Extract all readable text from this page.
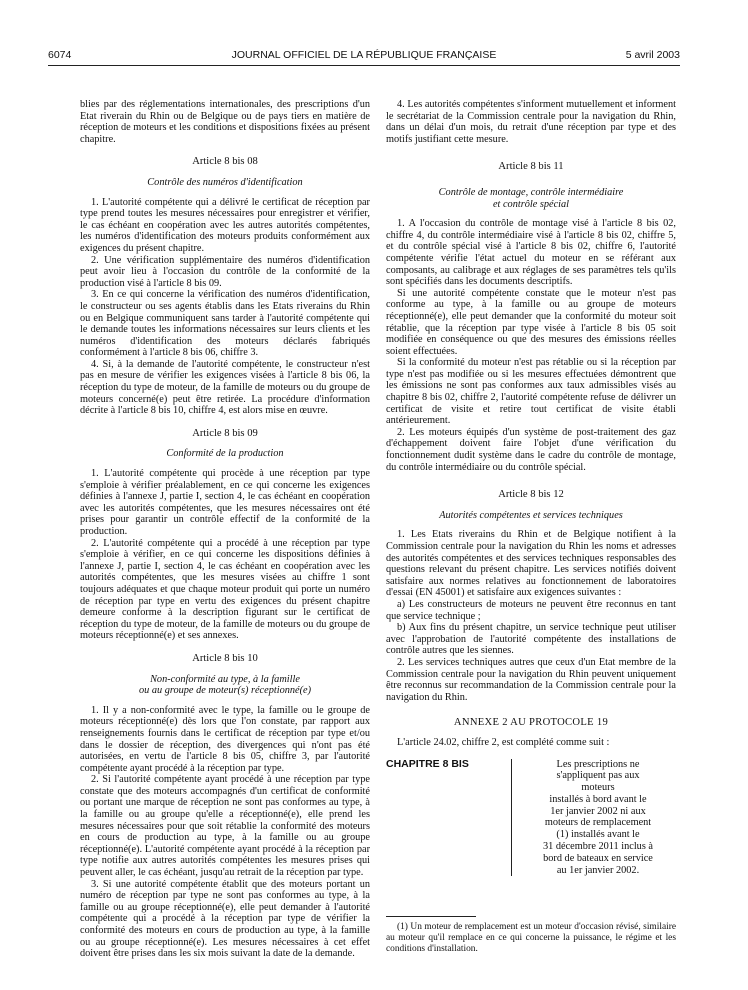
6074	JOURNAL OFFICIEL DE LA RÉPUBLIQUE FRANÇAISE	5 avril 2003

blies par des réglementations internationales, des prescriptions d'un Etat riverain du Rhin ou de Belgique ou de pays tiers en matière de réception de moteurs et les conditions et dispositions fixées au présent chapitre.

Article 8 bis 08
Contrôle des numéros d'identification

1. L'autorité compétente qui a délivré le certificat de réception par type prend toutes les mesures nécessaires pour enregistrer et vérifier, le cas échéant en coopération avec les autres autorités compétentes, les numéros d'identification des moteurs produits conformément aux exigences du présent chapitre.

2. Une vérification supplémentaire des numéros d'identification peut avoir lieu à l'occasion du contrôle de la conformité de la production visé à l'article 8 bis 09.

3. En ce qui concerne la vérification des numéros d'identification, le constructeur ou ses agents établis dans les Etats riverains du Rhin ou en Belgique communiquent sans tarder à l'autorité compétente qui le demande toutes les informations nécessaires sur leurs clients et les numéros d'identification des moteurs déclarés fabriqués conformément à l'article 8 bis 06, chiffre 3.

4. Si, à la demande de l'autorité compétente, le constructeur n'est pas en mesure de vérifier les exigences visées à l'article 8 bis 06, la réception du type de moteur, de la famille de moteurs ou du groupe de moteurs concerné(e) peut être retirée. La procédure d'information décrite à l'article 8 bis 10, chiffre 4, est alors mise en œuvre.

Article 8 bis 09
Conformité de la production

1. L'autorité compétente qui procède à une réception par type s'emploie à vérifier préalablement, en ce qui concerne les exigences définies à l'annexe J, partie I, section 4, le cas échéant en coopération avec les autorités compétentes, que les mesures nécessaires ont été prises pour garantir un contrôle effectif de la conformité de la production.

2. L'autorité compétente qui a procédé à une réception par type s'emploie à vérifier, en ce qui concerne les dispositions définies à l'annexe J, partie I, section 4, le cas échéant en coopération avec les autorités compétentes, que les mesures visées au chiffre 1 sont toujours adéquates et que chaque moteur produit qui porte un numéro de réception par type en vertu des exigences du présent chapitre demeure conforme à la description figurant sur le certificat de réception du type de moteur, de la famille de moteurs ou du groupe de moteurs réceptionné(e) et ses annexes.

Article 8 bis 10
Non-conformité au type, à la famille
ou au groupe de moteur(s) réceptionné(e)

1. Il y a non-conformité avec le type, la famille ou le groupe de moteurs réceptionné(e) dès lors que l'on constate, par rapport aux renseignements fournis dans le certificat de réception par type et/ou dans le dossier de réception, des divergences qui n'ont pas été autorisées, en vertu de l'article 8 bis 05, chiffre 3, par l'autorité compétente ayant procédé à la réception par type.

2. Si l'autorité compétente ayant procédé à une réception par type constate que des moteurs accompagnés d'un certificat de conformité ou portant une marque de réception ne sont pas conformes au type, à la famille ou au groupe qu'elle a réceptionné(e), elle prend les mesures nécessaires pour que soit rétablie la conformité des moteurs en cours de production au type, à la famille ou au groupe réceptionné(e). L'autorité compétente ayant procédé à la réception par type notifie aux autres autorités compétentes les mesures prises qui peuvent aller, le cas échéant, jusqu'au retrait de la réception par type.

3. Si une autorité compétente établit que des moteurs portant un numéro de réception par type ne sont pas conformes au type, à la famille ou au groupe réceptionné(e), elle peut demander à l'autorité compétente qui a procédé à la réception par type de vérifier la conformité des moteurs en cours de production au type, à la famille ou au groupe réceptionné(e). Les mesures nécessaires à cet effet doivent être prises dans les six mois suivant la date de la demande.

4. Les autorités compétentes s'informent mutuellement et informent le secrétariat de la Commission centrale pour la navigation du Rhin, dans un délai d'un mois, du retrait d'une réception par type et des motifs justifiant cette mesure.

Article 8 bis 11
Contrôle de montage, contrôle intermédiaire
et contrôle spécial

1. A l'occasion du contrôle de montage visé à l'article 8 bis 02, chiffre 4, du contrôle intermédiaire visé à l'article 8 bis 02, chiffre 5, et du contrôle spécial visé à l'article 8 bis 02, chiffre 6, l'autorité compétente vérifie l'état actuel du moteur en se référant aux composants, au calibrage et aux réglages de ses paramètres tels qu'ils sont spécifiés dans les documents descriptifs.

Si une autorité compétente constate que le moteur n'est pas conforme au type, à la famille ou au groupe de moteurs réceptionné(e), elle peut demander que la conformité du moteur soit rétablie, que la réception par type visée à l'article 8 bis 05 soit modifiée en conséquence ou que des mesures des émissions réelles soient effectuées.

Si la conformité du moteur n'est pas rétablie ou si la réception par type n'est pas modifiée ou si les mesures effectuées démontrent que les émissions ne sont pas conformes aux taux admissibles visés au chapitre 8 bis 02, chiffre 2, l'autorité compétente refuse de délivrer un certificat de visite et retire tout certificat de visite établi antérieurement.

2. Les moteurs équipés d'un système de post-traitement des gaz d'échappement doivent faire l'objet d'une vérification du fonctionnement dudit système dans le cadre du contrôle de montage, du contrôle intermédiaire ou du contrôle spécial.

Article 8 bis 12
Autorités compétentes et services techniques

1. Les Etats riverains du Rhin et de Belgique notifient à la Commission centrale pour la navigation du Rhin les noms et adresses des autorités compétentes et des services techniques responsables des questions relevant du présent chapitre. Les services notifiés doivent satisfaire aux normes relatives au fonctionnement de laboratoires d'essai (EN 45001) et satisfaire aux exigences suivantes :

a) Les constructeurs de moteurs ne peuvent être reconnus en tant que service technique ;

b) Aux fins du présent chapitre, un service technique peut utiliser avec l'approbation de l'autorité compétente des installations de contrôle autres que les siennes.

2. Les services techniques autres que ceux d'un Etat membre de la Commission centrale pour la navigation du Rhin peuvent uniquement être reconnus sur recommandation de la Commission centrale pour la navigation du Rhin.

ANNEXE 2 AU PROTOCOLE 19

L'article 24.02, chiffre 2, est complété comme suit :

CHAPITRE 8 BIS	Les prescriptions ne s'appliquent pas aux moteurs
installés à bord avant le
1er janvier 2002 ni aux
moteurs de remplacement (1) installés avant le
31 décembre 2011 inclus à
bord de bateaux en service
au 1er janvier 2002.

(1) Un moteur de remplacement est un moteur d'occasion révisé, similaire au moteur qu'il remplace en ce qui concerne la puissance, le régime et les conditions d'installation.
